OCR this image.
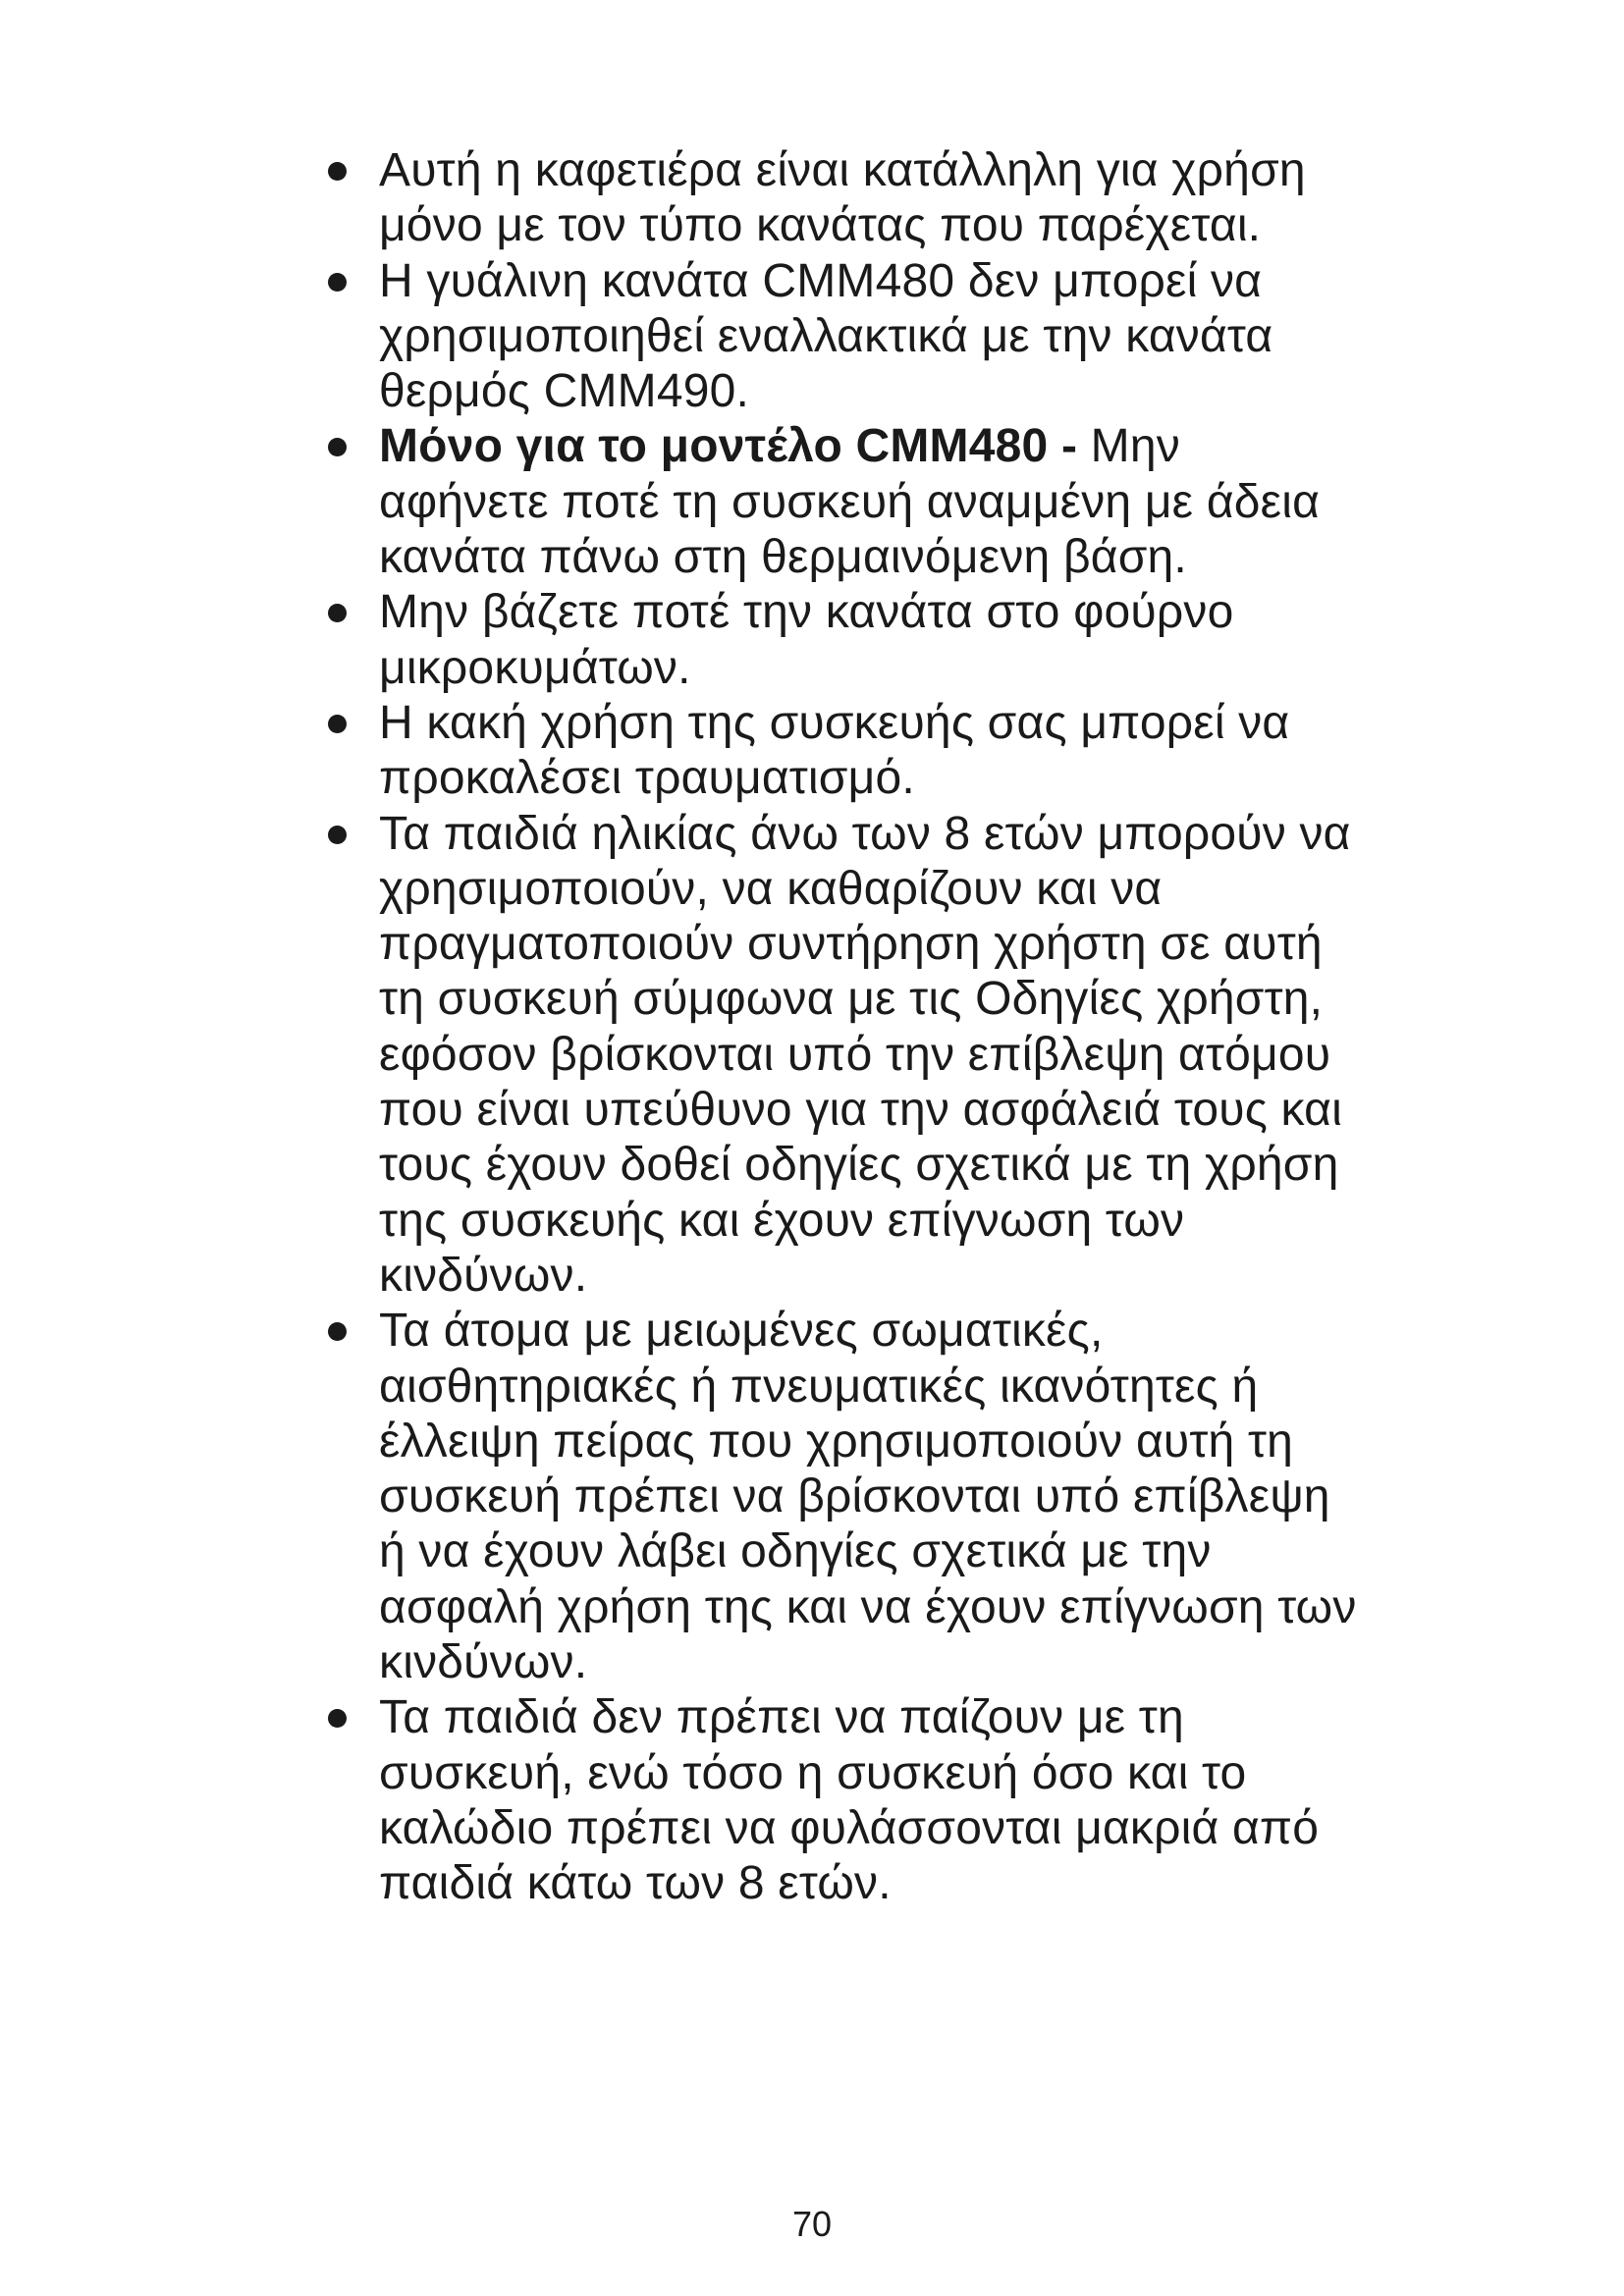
Αυτή η καφετιέρα είναι κατάλληλη για χρήση μόνο με τον τύπο κανάτας που παρέχεται.
Η γυάλινη κανάτα CMM480 δεν μπορεί να χρησιμοποιηθεί εναλλακτικά με την κανάτα θερμός CMM490.
Μόνο για το μοντέλο CMM480 - Μην αφήνετε ποτέ τη συσκευή αναμμένη με άδεια κανάτα πάνω στη θερμαινόμενη βάση.
Μην βάζετε ποτέ την κανάτα στο φούρνο μικροκυμάτων.
Η κακή χρήση της συσκευής σας μπορεί να προκαλέσει τραυματισμό.
Τα παιδιά ηλικίας άνω των 8 ετών μπορούν να χρησιμοποιούν, να καθαρίζουν και να πραγματοποιούν συντήρηση χρήστη σε αυτή τη συσκευή σύμφωνα με τις Οδηγίες χρήστη, εφόσον βρίσκονται υπό την επίβλεψη ατόμου που είναι υπεύθυνο για την ασφάλειά τους και τους έχουν δοθεί οδηγίες σχετικά με τη χρήση της συσκευής και έχουν επίγνωση των κινδύνων.
Τα άτομα με μειωμένες σωματικές, αισθητηριακές ή πνευματικές ικανότητες ή έλλειψη πείρας που χρησιμοποιούν αυτή τη συσκευή πρέπει να βρίσκονται υπό επίβλεψη ή να έχουν λάβει οδηγίες σχετικά με την ασφαλή χρήση της και να έχουν επίγνωση των κινδύνων.
Τα παιδιά δεν πρέπει να παίζουν με τη συσκευή, ενώ τόσο η συσκευή όσο και το καλώδιο πρέπει να φυλάσσονται μακριά από παιδιά κάτω των 8 ετών.
70
